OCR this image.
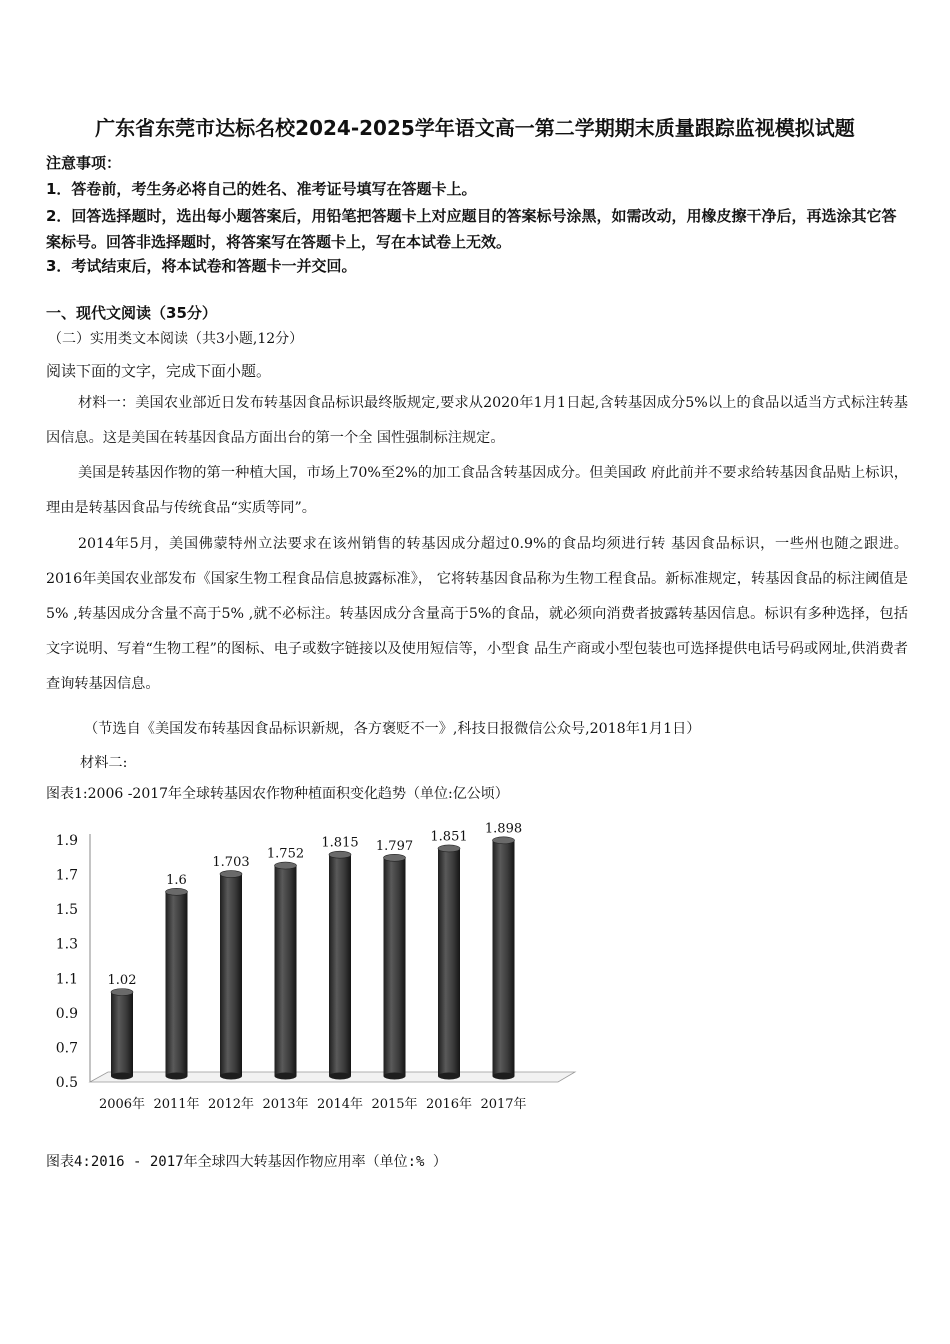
广东省东莞市达标名校2024-2025学年语文高一第二学期期末质量跟踪监视模拟试题
注意事项：
1．答卷前，考生务必将自己的姓名、准考证号填写在答题卡上。
2．回答选择题时，选出每小题答案后，用铅笔把答题卡上对应题目的答案标号涂黑，如需改动，用橡皮擦干净后，再选涂其它答案标号。回答非选择题时，将答案写在答题卡上，写在本试卷上无效。
3．考试结束后，将本试卷和答题卡一并交回。
一、现代文阅读（35分）
（二）实用类文本阅读（共3小题,12分）
阅读下面的文字，完成下面小题。
材料一：美国农业部近日发布转基因食品标识最终版规定,要求从2020年1月1日起,含转基因成分5%以上的食品以适当方式标注转基因信息。这是美国在转基因食品方面出台的第一个全 国性强制标注规定。
美国是转基因作物的第一种植大国，市场上70%至2%的加工食品含转基因成分。但美国政 府此前并不要求给转基因食品贴上标识，理由是转基因食品与传统食品“实质等同”。
2014年5月，美国佛蒙特州立法要求在该州销售的转基因成分超过0.9%的食品均须进行转 基因食品标识，一些州也随之跟进。2016年美国农业部发布《国家生物工程食品信息披露标准》， 它将转基因食品称为生物工程食品。新标准规定，转基因食品的标注阈值是5% ,转基因成分含量不高于5% ,就不必标注。转基因成分含量高于5%的食品，就必须向消费者披露转基因信息。标识有多种选择，包括文字说明、写着“生物工程”的图标、电子或数字链接以及使用短信等，小型食 品生产商或小型包装也可选择提供电话号码或网址,供消费者查询转基因信息。
（节选自《美国发布转基因食品标识新规，各方褒贬不一》,科技日报微信公众号,2018年1月1日）
材料二:
图表1:2006 -2017年全球转基因农作物种植面积变化趋势（单位:亿公顷）
1.9
1.7
1.5
1.3
1.1
0.9
0.7
0.5
1.02
1.6
1.703
1.752
1.815 1.797
1.851
1.898
2006年 2011年 2012年 2013年 2014年 2015年 2016年 2017年
图表4:2016 - 2017年全球四大转基因作物应用率（单位:% ）
